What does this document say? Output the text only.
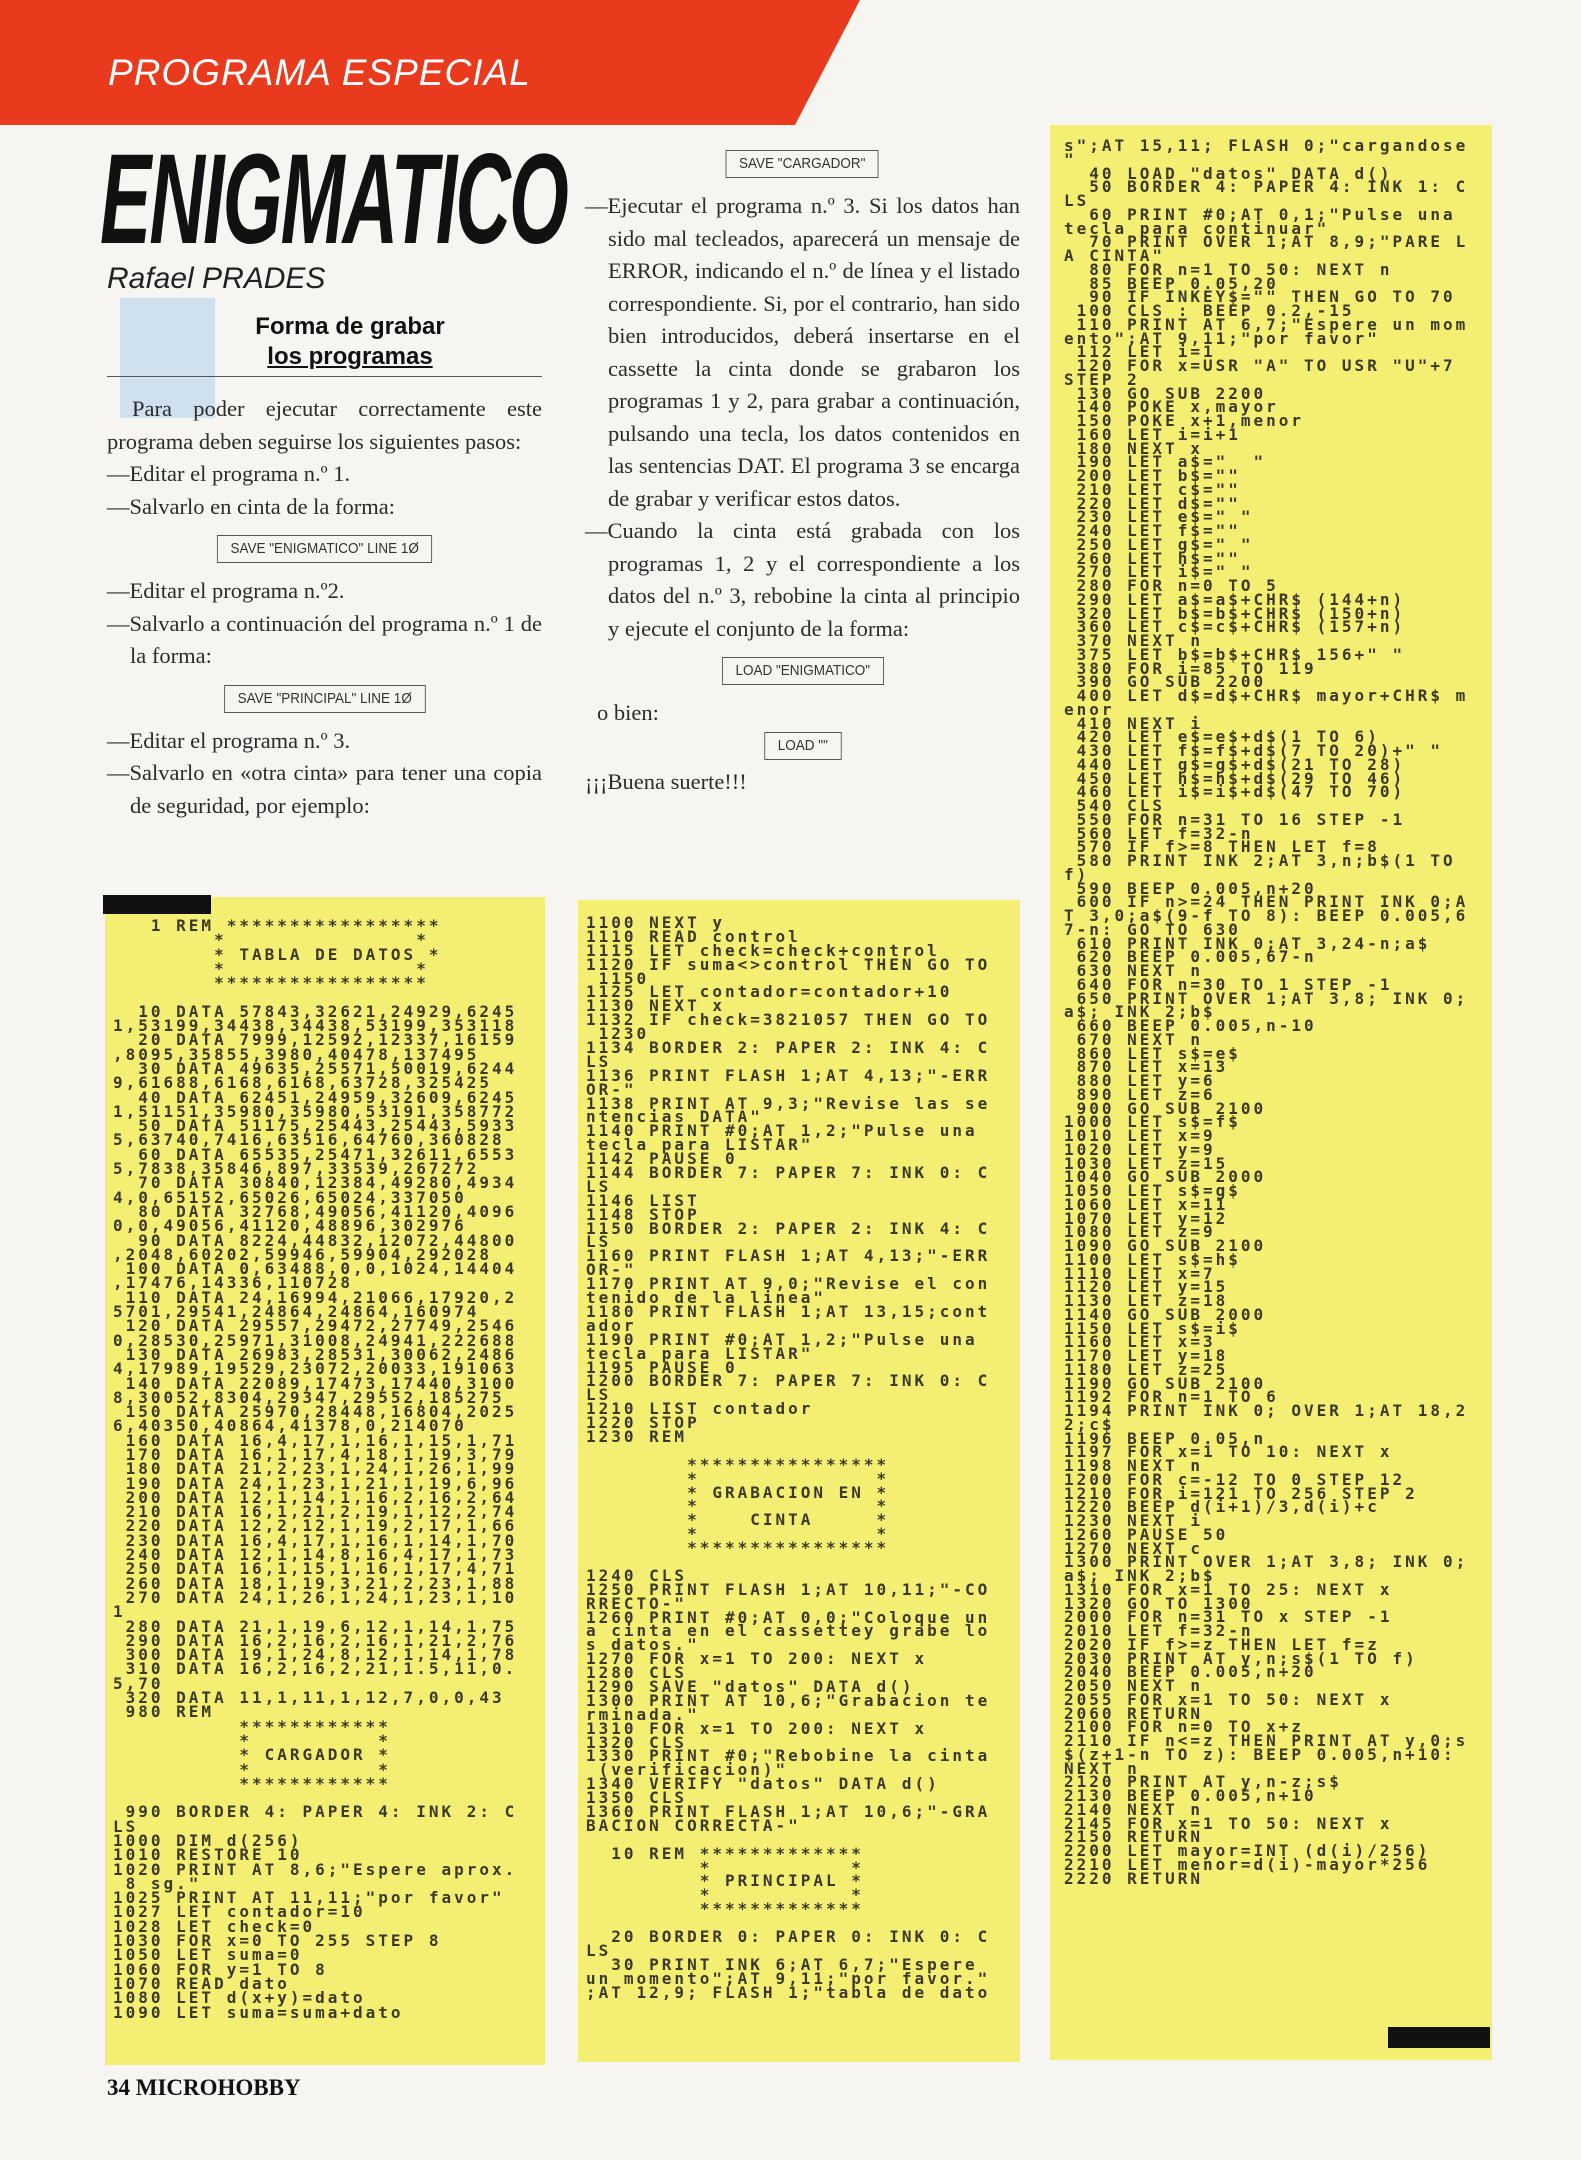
PROGRAMA ESPECIAL
ENIGMATICO
Rafael PRADES
Forma de grabar
los programas

Para poder ejecutar correctamente este programa deben seguirse los siguientes pasos:

—Editar el programa n.º 1.

—Salvarlo en cinta de la forma:

SAVE "ENIGMATICO" LINE 1Ø

—Editar el programa n.º2.

—Salvarlo a continuación del programa n.º 1 de la forma:

SAVE "PRINCIPAL" LINE 1Ø

—Editar el programa n.º 3.

—Salvarlo en «otra cinta» para tener una copia de seguridad, por ejemplo:

SAVE "CARGADOR"

—Ejecutar el programa n.º 3. Si los datos han sido mal tecleados, aparecerá un mensaje de ERROR, indicando el n.º de línea y el listado correspondiente. Si, por el contrario, han sido bien introducidos, deberá insertarse en el cassette la cinta donde se grabaron los programas 1 y 2, para grabar a continuación, pulsando una tecla, los datos contenidos en las sentencias DAT. El programa 3 se encarga de grabar y verificar estos datos.

—Cuando la cinta está grabada con los programas 1, 2 y el correspondiente a los datos del n.º 3, rebobine la cinta al principio y ejecute el conjunto de la forma:

LOAD "ENIGMATICO"

o bien:

LOAD ""

¡¡¡Buena suerte!!!

1 REM *****************
*               *
* TABLA DE DATOS *
*               *
*****************
10 DATA 57843,32621,24929,6245
1,53199,34438,34438,53199,353118
20 DATA 7999,12592,12337,16159
,8095,35855,3980,40478,137495
30 DATA 49635,25571,50019,6244
9,61688,6168,6168,63728,325425
40 DATA 62451,24959,32609,6245
1,51151,35980,35980,53191,358772
50 DATA 51175,25443,25443,5933
5,63740,7416,63516,64760,360828
60 DATA 65535,25471,32611,6553
5,7838,35846,897,33539,267272
70 DATA 30840,12384,49280,4934
4,0,65152,65026,65024,337050
80 DATA 32768,49056,41120,4096
0,0,49056,41120,48896,302976
90 DATA 8224,44832,12072,44800
,2048,60202,59946,59904,292028
100 DATA 0,63488,0,0,1024,14404
,17476,14336,110728
110 DATA 24,16994,21066,17920,2
5701,29541,24864,24864,160974
120 DATA 29557,29472,27749,2546
0,28530,25971,31008,24941,222688
130 DATA 26983,28531,30062,2486
4,17989,19529,23072,20033,191063
140 DATA 22089,17473,17440,3100
8,30052,8304,29347,29552,185275
150 DATA 25970,28448,16804,2025
6,40350,40864,41378,0,214070
160 DATA 16,4,17,1,16,1,15,1,71
170 DATA 16,1,17,4,18,1,19,3,79
180 DATA 21,2,23,1,24,1,26,1,99
190 DATA 24,1,23,1,21,1,19,6,96
200 DATA 12,1,14,1,16,2,16,2,64
210 DATA 16,1,21,2,19,1,12,2,74
220 DATA 12,2,12,1,19,2,17,1,66
230 DATA 16,4,17,1,16,1,14,1,70
240 DATA 12,1,14,8,16,4,17,1,73
250 DATA 16,1,15,1,16,1,17,4,71
260 DATA 18,1,19,3,21,2,23,1,88
270 DATA 24,1,26,1,24,1,23,1,10
1
280 DATA 21,1,19,6,12,1,14,1,75
290 DATA 16,2,16,2,16,1,21,2,76
300 DATA 19,1,24,8,12,1,14,1,78
310 DATA 16,2,16,2,21,1.5,11,0.
5,70
320 DATA 11,1,11,1,12,7,0,0,43
980 REM
************
*          *
* CARGADOR *
*          *
************
990 BORDER 4: PAPER 4: INK 2: C
LS
1000 DIM d(256)
1010 RESTORE 10
1020 PRINT AT 8,6;"Espere aprox.
8 sg."
1025 PRINT AT 11,11;"por favor"
1027 LET contador=10
1028 LET check=0
1030 FOR x=0 TO 255 STEP 8
1050 LET suma=0
1060 FOR y=1 TO 8
1070 READ dato
1080 LET d(x+y)=dato
1090 LET suma=suma+dato
1100 NEXT y
1110 READ control
1115 LET check=check+control
1120 IF suma<>control THEN GO TO
1150
1125 LET contador=contador+10
1130 NEXT x
1132 IF check=3821057 THEN GO TO
1230
1134 BORDER 2: PAPER 2: INK 4: C
LS
1136 PRINT FLASH 1;AT 4,13;"-ERR
OR-"
1138 PRINT AT 9,3;"Revise las se
ntencias DATA"
1140 PRINT #0;AT 1,2;"Pulse una
tecla para LISTAR"
1142 PAUSE 0
1144 BORDER 7: PAPER 7: INK 0: C
LS
1146 LIST
1148 STOP
1150 BORDER 2: PAPER 2: INK 4: C
LS
1160 PRINT FLASH 1;AT 4,13;"-ERR
OR-"
1170 PRINT AT 9,0;"Revise el con
tenido de la linea"
1180 PRINT FLASH 1;AT 13,15;cont
ador
1190 PRINT #0;AT 1,2;"Pulse una
tecla para LISTAR"
1195 PAUSE 0
1200 BORDER 7: PAPER 7: INK 0: C
LS
1210 LIST contador
1220 STOP
1230 REM
****************
*              *
* GRABACION EN *
*              *
*    CINTA     *
*              *
****************
1240 CLS
1250 PRINT FLASH 1;AT 10,11;"-CO
RRECTO-"
1260 PRINT #0;AT 0,0;"Coloque un
a cinta en el cassettey grabe lo
s datos."
1270 FOR x=1 TO 200: NEXT x
1280 CLS
1290 SAVE "datos" DATA d()
1300 PRINT AT 10,6;"Grabacion te
rminada."
1310 FOR x=1 TO 200: NEXT x
1320 CLS
1330 PRINT #0;"Rebobine la cinta
(verificacion)"
1340 VERIFY "datos" DATA d()
1350 CLS
1360 PRINT FLASH 1;AT 10,6;"-GRA
BACION CORRECTA-"
10 REM *************
*           *
* PRINCIPAL *
*           *
*************
20 BORDER 0: PAPER 0: INK 0: C
LS
30 PRINT INK 6;AT 6,7;"Espere
un momento";AT 9,11;"por favor."
;AT 12,9; FLASH 1;"tabla de dato
s";AT 15,11; FLASH 0;"cargandose
"
40 LOAD "datos" DATA d()
50 BORDER 4: PAPER 4: INK 1: C
LS
60 PRINT #0;AT 0,1;"Pulse una
tecla para continuar"
70 PRINT OVER 1;AT 8,9;"PARE L
A CINTA"
80 FOR n=1 TO 50: NEXT n
85 BEEP 0.05,20
90 IF INKEY$="" THEN GO TO 70
100 CLS : BEEP 0.2,-15
110 PRINT AT 6,7;"Espere un mom
ento";AT 9,11;"por favor"
112 LET i=1
120 FOR x=USR "A" TO USR "U"+7
STEP 2
130 GO SUB 2200
140 POKE x,mayor
150 POKE x+1,menor
160 LET i=i+1
180 NEXT x
190 LET a$="  "
200 LET b$=""
210 LET c$=""
220 LET d$=""
230 LET e$=" "
240 LET f$=""
250 LET g$=" "
260 LET h$=""
270 LET i$=" "
280 FOR n=0 TO 5
290 LET a$=a$+CHR$ (144+n)
320 LET b$=b$+CHR$ (150+n)
360 LET c$=c$+CHR$ (157+n)
370 NEXT n
375 LET b$=b$+CHR$ 156+" "
380 FOR i=85 TO 119
390 GO SUB 2200
400 LET d$=d$+CHR$ mayor+CHR$ m
enor
410 NEXT i
420 LET e$=e$+d$(1 TO 6)
430 LET f$=f$+d$(7 TO 20)+" "
440 LET g$=g$+d$(21 TO 28)
450 LET h$=h$+d$(29 TO 46)
460 LET i$=i$+d$(47 TO 70)
540 CLS
550 FOR n=31 TO 16 STEP -1
560 LET f=32-n
570 IF f>=8 THEN LET f=8
580 PRINT INK 2;AT 3,n;b$(1 TO
f)
590 BEEP 0.005,n+20
600 IF n>=24 THEN PRINT INK 0;A
T 3,0;a$(9-f TO 8): BEEP 0.005,6
7-n: GO TO 630
610 PRINT INK 0;AT 3,24-n;a$
620 BEEP 0.005,67-n
630 NEXT n
640 FOR n=30 TO 1 STEP -1
650 PRINT OVER 1;AT 3,8; INK 0;
a$; INK 2;b$
660 BEEP 0.005,n-10
670 NEXT n
860 LET s$=e$
870 LET x=13
880 LET y=6
890 LET z=6
900 GO SUB 2100
1000 LET s$=f$
1010 LET x=9
1020 LET y=9
1030 LET z=15
1040 GO SUB 2000
1050 LET s$=g$
1060 LET x=11
1070 LET y=12
1080 LET z=9
1090 GO SUB 2100
1100 LET s$=h$
1110 LET x=7
1120 LET y=15
1130 LET z=18
1140 GO SUB 2000
1150 LET s$=i$
1160 LET x=3
1170 LET y=18
1180 LET z=25
1190 GO SUB 2100
1192 FOR n=1 TO 6
1194 PRINT INK 0; OVER 1;AT 18,2
2;c$
1196 BEEP 0.05,n
1197 FOR x=1 TO 10: NEXT x
1198 NEXT n
1200 FOR c=-12 TO 0 STEP 12
1210 FOR i=121 TO 256 STEP 2
1220 BEEP d(i+1)/3,d(i)+c
1230 NEXT i
1260 PAUSE 50
1270 NEXT c
1300 PRINT OVER 1;AT 3,8; INK 0;
a$; INK 2;b$
1310 FOR x=1 TO 25: NEXT x
1320 GO TO 1300
2000 FOR n=31 TO x STEP -1
2010 LET f=32-n
2020 IF f>=z THEN LET f=z
2030 PRINT AT y,n;s$(1 TO f)
2040 BEEP 0.005,n+20
2050 NEXT n
2055 FOR x=1 TO 50: NEXT x
2060 RETURN
2100 FOR n=0 TO x+z
2110 IF n<=z THEN PRINT AT y,0;s
$(z+1-n TO z): BEEP 0.005,n+10:
NEXT n
2120 PRINT AT y,n-z;s$
2130 BEEP 0.005,n+10
2140 NEXT n
2145 FOR x=1 TO 50: NEXT x
2150 RETURN
2200 LET mayor=INT (d(i)/256)
2210 LET menor=d(i)-mayor*256
2220 RETURN
34 MICROHOBBY
